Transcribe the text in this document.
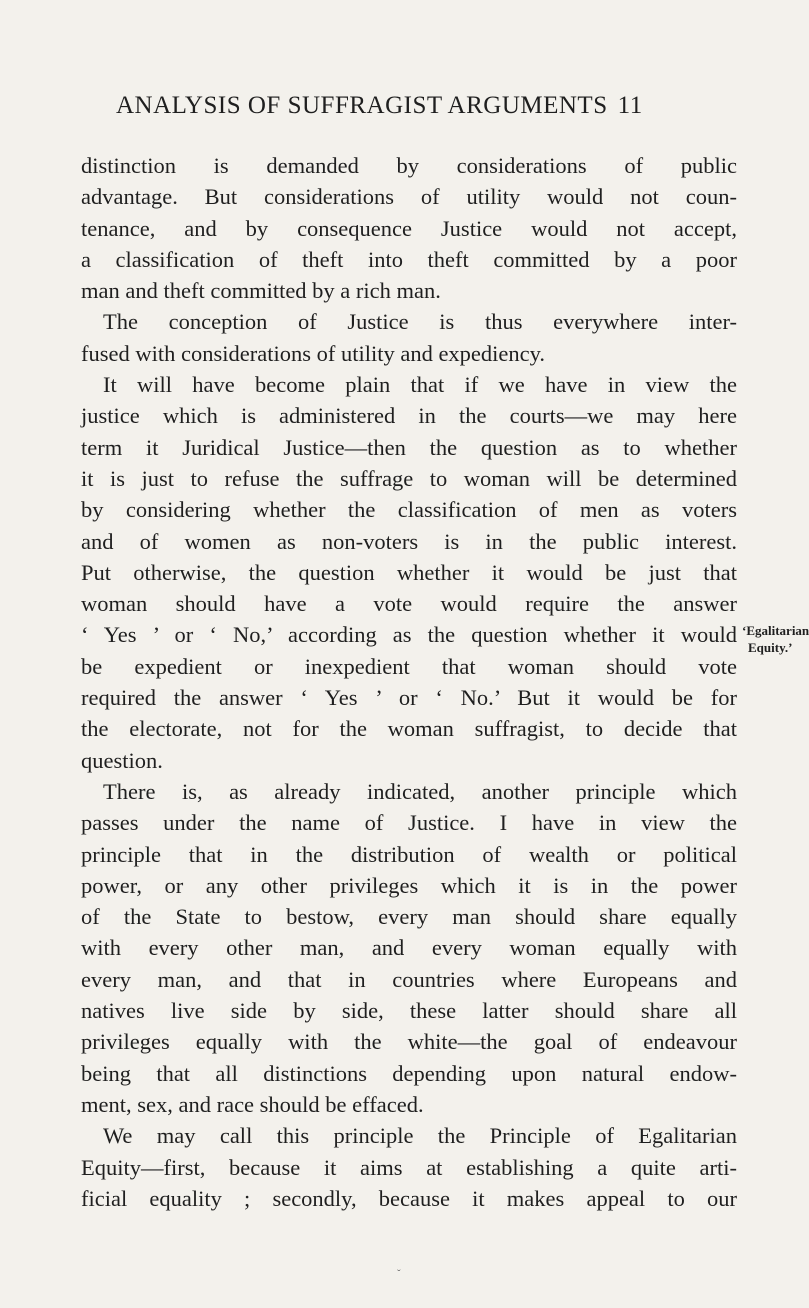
ANALYSIS OF SUFFRAGIST ARGUMENTS 11
distinction is demanded by considerations of public
advantage. But considerations of utility would not coun-
tenance, and by consequence Justice would not accept,
a classification of theft into theft committed by a poor
man and theft committed by a rich man.
The conception of Justice is thus everywhere inter-
fused with considerations of utility and expediency.
It will have become plain that if we have in view the
justice which is administered in the courts—we may here
term it Juridical Justice—then the question as to whether
it is just to refuse the suffrage to woman will be determined
by considering whether the classification of men as voters
and of women as non-voters is in the public interest.
Put otherwise, the question whether it would be just that
woman should have a vote would require the answer
‘ Yes ’ or ‘ No,’ according as the question whether it would
be expedient or inexpedient that woman should vote
required the answer ‘ Yes ’ or ‘ No.’ But it would be for
the electorate, not for the woman suffragist, to decide that
question.
There is, as already indicated, another principle which
passes under the name of Justice. I have in view the
principle that in the distribution of wealth or political
power, or any other privileges which it is in the power
of the State to bestow, every man should share equally
with every other man, and every woman equally with
every man, and that in countries where Europeans and
natives live side by side, these latter should share all
privileges equally with the white—the goal of endeavour
being that all distinctions depending upon natural endow-
ment, sex, and race should be effaced.
We may call this principle the Principle of Egalitarian
Equity—first, because it aims at establishing a quite arti-
ficial equality ; secondly, because it makes appeal to our
‘Egalitarian
Equity.’
ˇ
